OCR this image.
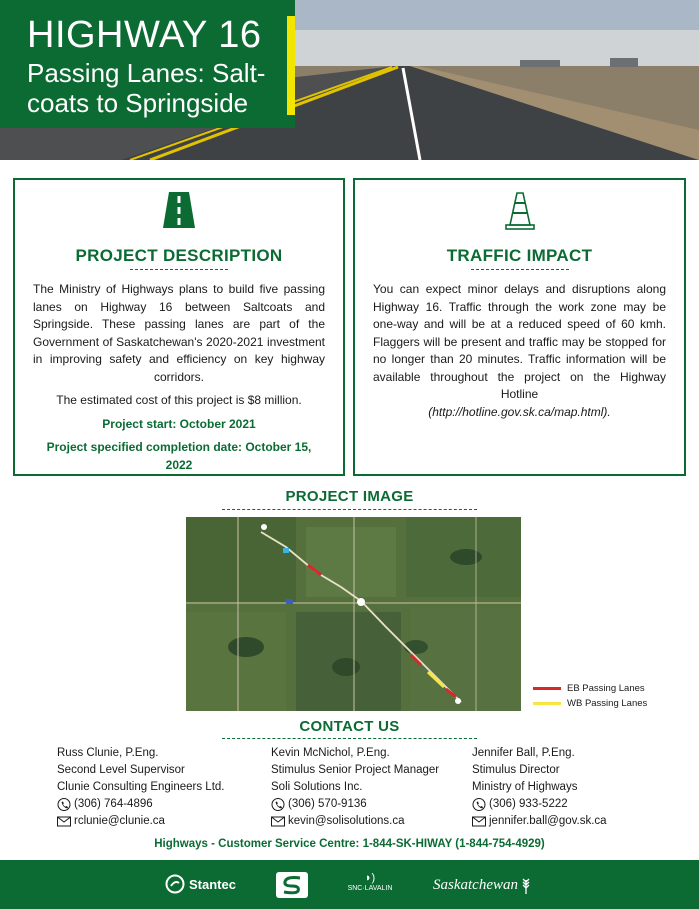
HIGHWAY 16
Passing Lanes: Salt-coats to Springside
PROJECT DESCRIPTION

The Ministry of Highways plans to build five passing lanes on Highway 16 between Saltcoats and Springside. These passing lanes are part of the Government of Saskatchewan's 2020-2021 investment in improving safety and efficiency on key highway corridors.

The estimated cost of this project is $8 million.

Project start: October 2021

Project specified completion date: October 15, 2022

TRAFFIC IMPACT

You can expect minor delays and disruptions along Highway 16. Traffic through the work zone may be one-way and will be at a reduced speed of 60 kmh. Flaggers will be present and traffic may be stopped for no longer than 20 minutes. Traffic information will be available throughout the project on the Highway Hotline

(http://hotline.gov.sk.ca/map.html).

PROJECT IMAGE
EB Passing Lanes
WB Passing Lanes
CONTACT US
Russ Clunie, P.Eng.
Second Level Supervisor
Clunie Consulting Engineers Ltd.
(306) 764-4896
rclunie@clunie.ca
Kevin McNichol, P.Eng.
Stimulus Senior Project Manager
Soli Solutions Inc.
(306) 570-9136
kevin@solisolutions.ca
Jennifer Ball, P.Eng.
Stimulus Director
Ministry of Highways
(306) 933-5222
jennifer.ball@gov.sk.ca
Highways - Customer Service Centre: 1-844-SK-HIWAY (1-844-754-4929)
Stantec	◗)
SNC·LAVALIN	Saskatchewan
